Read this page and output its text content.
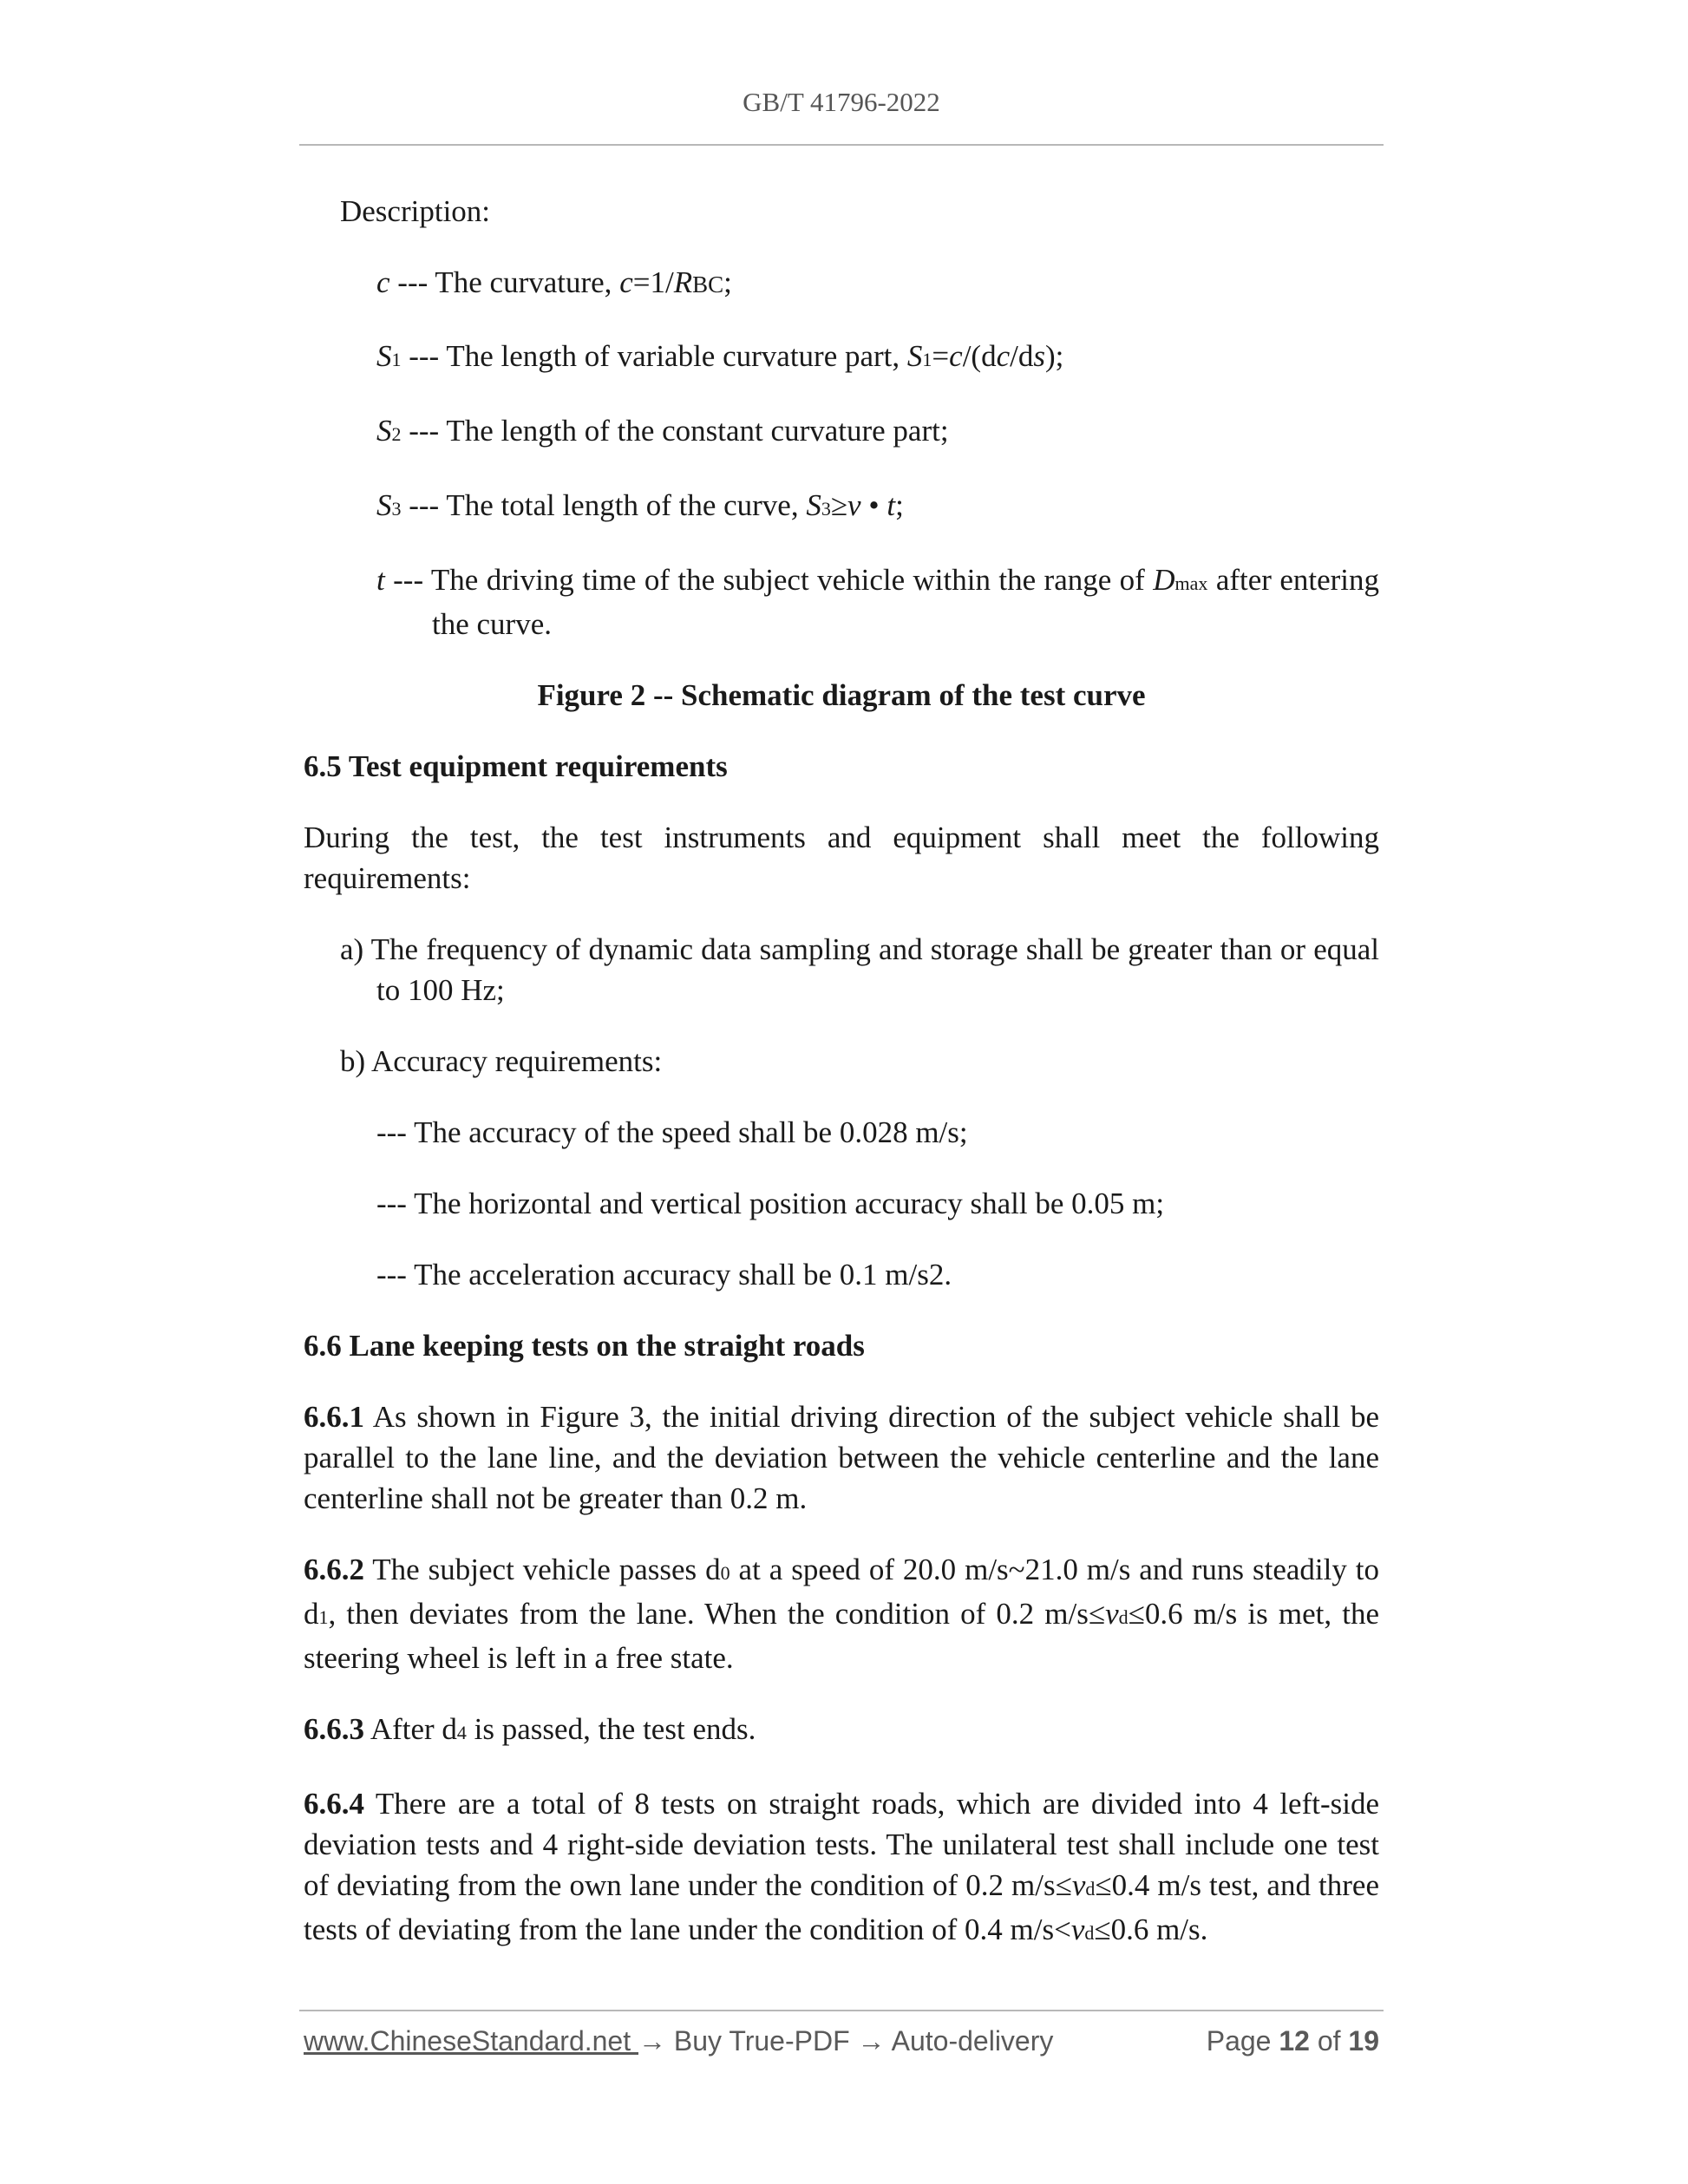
GB/T 41796-2022

Description:

c --- The curvature, c=1/RBC;

S1 --- The length of variable curvature part, S1=c/(dc/ds);

S2 --- The length of the constant curvature part;

S3 --- The total length of the curve, S3≥v • t;

t --- The driving time of the subject vehicle within the range of Dmax after entering the curve.

Figure 2 -- Schematic diagram of the test curve

6.5 Test equipment requirements

During the test, the test instruments and equipment shall meet the following requirements:

a) The frequency of dynamic data sampling and storage shall be greater than or equal to 100 Hz;

b) Accuracy requirements:

--- The accuracy of the speed shall be 0.028 m/s;

--- The horizontal and vertical position accuracy shall be 0.05 m;

--- The acceleration accuracy shall be 0.1 m/s2.

6.6 Lane keeping tests on the straight roads

6.6.1 As shown in Figure 3, the initial driving direction of the subject vehicle shall be parallel to the lane line, and the deviation between the vehicle centerline and the lane centerline shall not be greater than 0.2 m.

6.6.2 The subject vehicle passes d0 at a speed of 20.0 m/s~21.0 m/s and runs steadily to d1, then deviates from the lane. When the condition of 0.2 m/s≤vd≤0.6 m/s is met, the steering wheel is left in a free state.

6.6.3 After d4 is passed, the test ends.

6.6.4 There are a total of 8 tests on straight roads, which are divided into 4 left-side deviation tests and 4 right-side deviation tests. The unilateral test shall include one test of deviating from the own lane under the condition of 0.2 m/s≤vd≤0.4 m/s test, and three tests of deviating from the lane under the condition of 0.4 m/s<vd≤0.6 m/s.

www.ChineseStandard.net → Buy True-PDF → Auto-delivery	Page 12 of 19
